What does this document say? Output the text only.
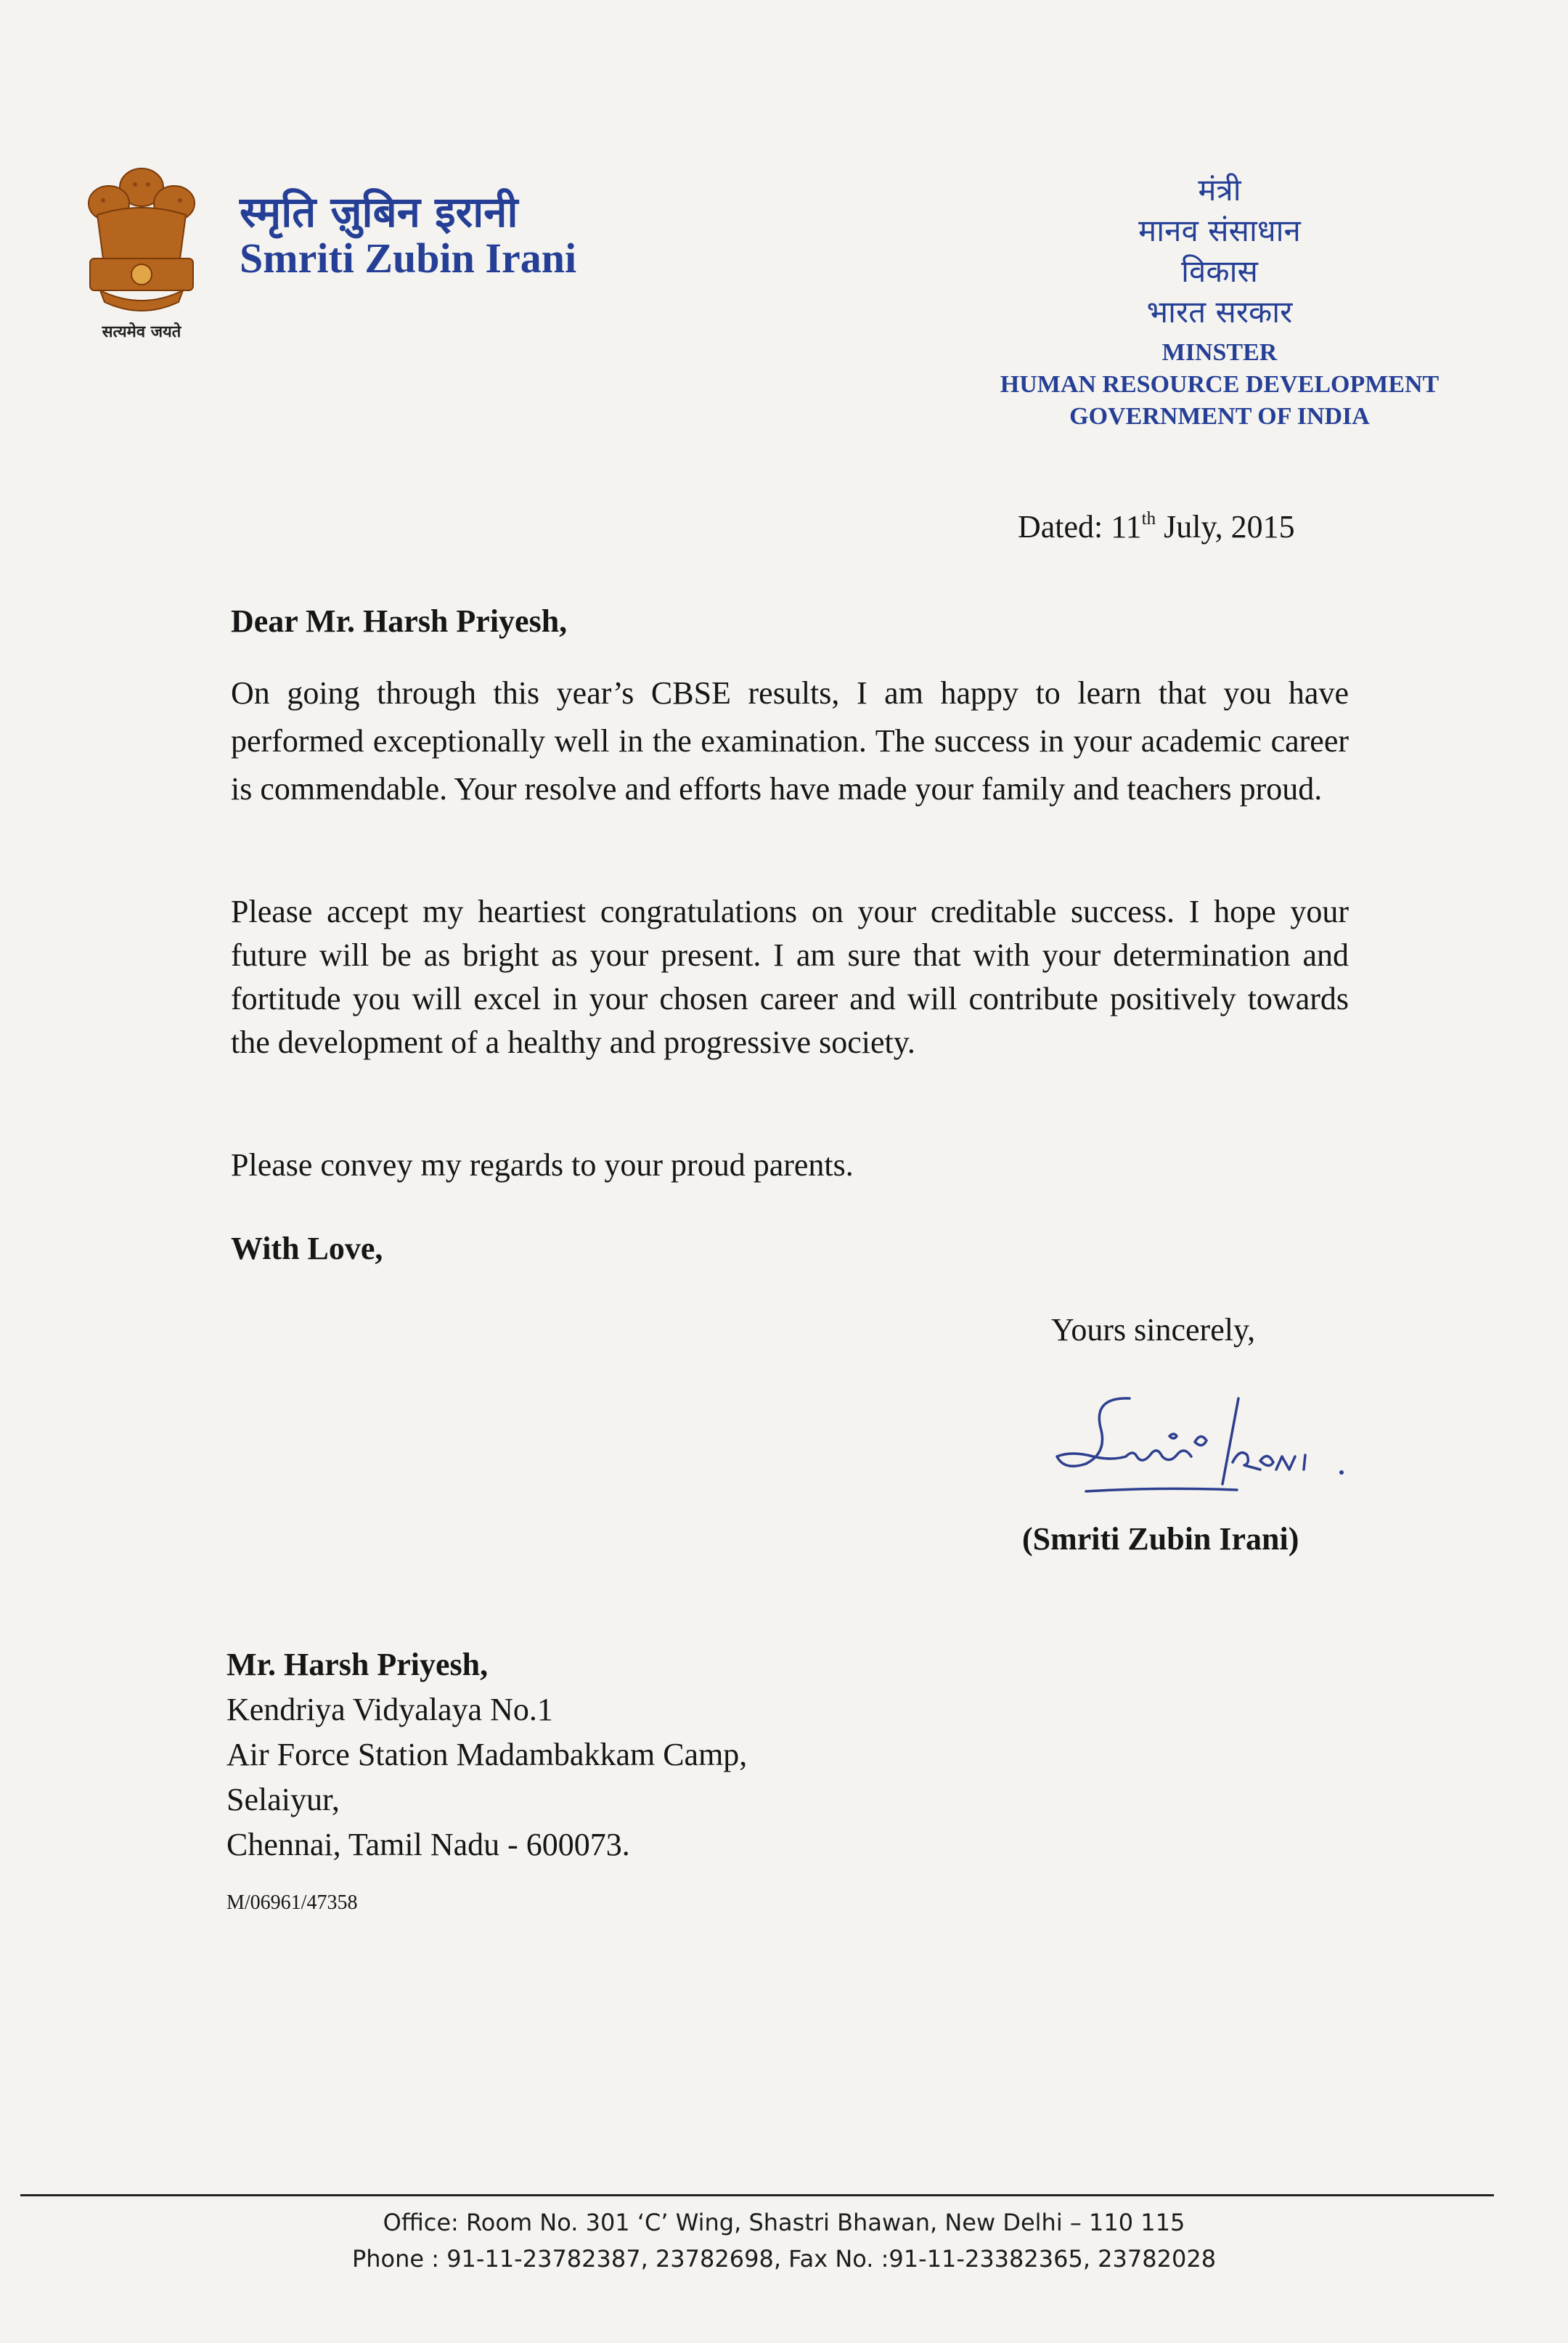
सत्यमेव जयते
स्मृति ज़ुबिन इरानी
Smriti Zubin Irani
मंत्री
मानव संसाधान
विकास
भारत सरकार
MINSTER
HUMAN RESOURCE DEVELOPMENT
GOVERNMENT OF INDIA
Dated: 11th July, 2015
Dear Mr. Harsh Priyesh,
On going through this year’s CBSE results, I am happy to learn that you have performed exceptionally well in the examination. The success in your academic career is commendable. Your resolve and efforts have made your family and teachers proud.
Please accept my heartiest congratulations on your creditable success. I hope your future will be as bright as your present. I am sure that with your determination and fortitude you will excel in your chosen career and will contribute positively towards the development of a healthy and progressive society.
Please convey my regards to your proud parents.
With Love,
Yours sincerely,
(Smriti Zubin Irani)
Mr. Harsh Priyesh,
Kendriya Vidyalaya No.1
Air Force Station Madambakkam Camp,
Selaiyur,
Chennai, Tamil Nadu - 600073.
M/06961/47358
Office: Room No. 301 ‘C’ Wing, Shastri Bhawan, New Delhi – 110 115
Phone : 91-11-23782387, 23782698, Fax No. :91-11-23382365, 23782028
